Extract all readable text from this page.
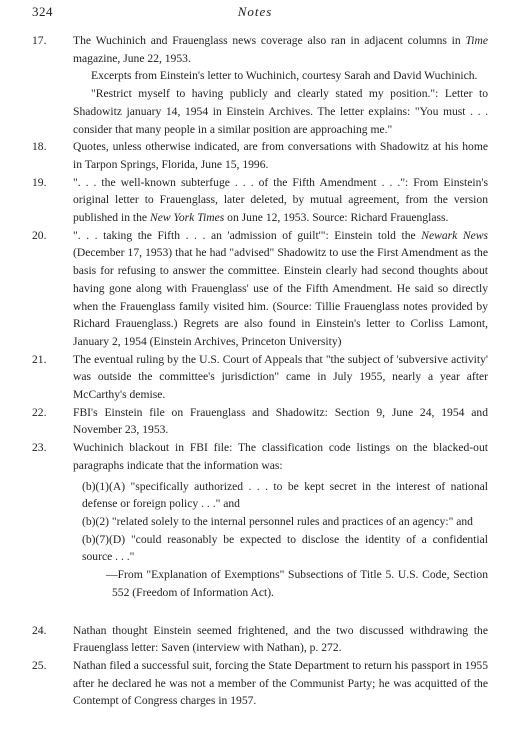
324	Notes
17. The Wuchinich and Frauenglass news coverage also ran in adjacent columns in Time magazine, June 22, 1953.

Excerpts from Einstein's letter to Wuchinich, courtesy Sarah and David Wuchinich.

"Restrict myself to having publicly and clearly stated my position.": Letter to Shadowitz january 14, 1954 in Einstein Archives. The letter explains: "You must . . . consider that many people in a similar position are approaching me."

18. Quotes, unless otherwise indicated, are from conversations with Shadowitz at his home in Tarpon Springs, Florida, June 15, 1996.
19. ". . . the well-known subterfuge . . . of the Fifth Amendment . . .": From Einstein's original letter to Frauenglass, later deleted, by mutual agreement, from the version published in the New York Times on June 12, 1953. Source: Richard Frauenglass.
20. ". . . taking the Fifth . . . an 'admission of guilt'": Einstein told the Newark News (December 17, 1953) that he had "advised" Shadowitz to use the First Amendment as the basis for refusing to answer the committee. Einstein clearly had second thoughts about having gone along with Frauenglass' use of the Fifth Amendment. He said so directly when the Frauenglass family visited him. (Source: Tillie Frauenglass notes provided by Richard Frauenglass.) Regrets are also found in Einstein's letter to Corliss Lamont, January 2, 1954 (Einstein Archives, Princeton University)
21. The eventual ruling by the U.S. Court of Appeals that "the subject of 'subversive activity' was outside the committee's jurisdiction" came in July 1955, nearly a year after McCarthy's demise.
22. FBI's Einstein file on Frauenglass and Shadowitz: Section 9, June 24, 1954 and November 23, 1953.
23. Wuchinich blackout in FBI file: The classification code listings on the blacked-out paragraphs indicate that the information was:

(b)(1)(A) "specifically authorized . . . to be kept secret in the interest of national defense or foreign policy . . ." and

(b)(2) "related solely to the internal personnel rules and practices of an agency:" and

(b)(7)(D) "could reasonably be expected to disclose the identity of a confidential source . . ."

—From "Explanation of Exemptions" Subsections of Title 5. U.S. Code, Section 552 (Freedom of Information Act).

24. Nathan thought Einstein seemed frightened, and the two discussed withdrawing the Frauenglass letter: Saven (interview with Nathan), p. 272.
25. Nathan filed a successful suit, forcing the State Department to return his passport in 1955 after he declared he was not a member of the Communist Party; he was acquitted of the Contempt of Congress charges in 1957.
